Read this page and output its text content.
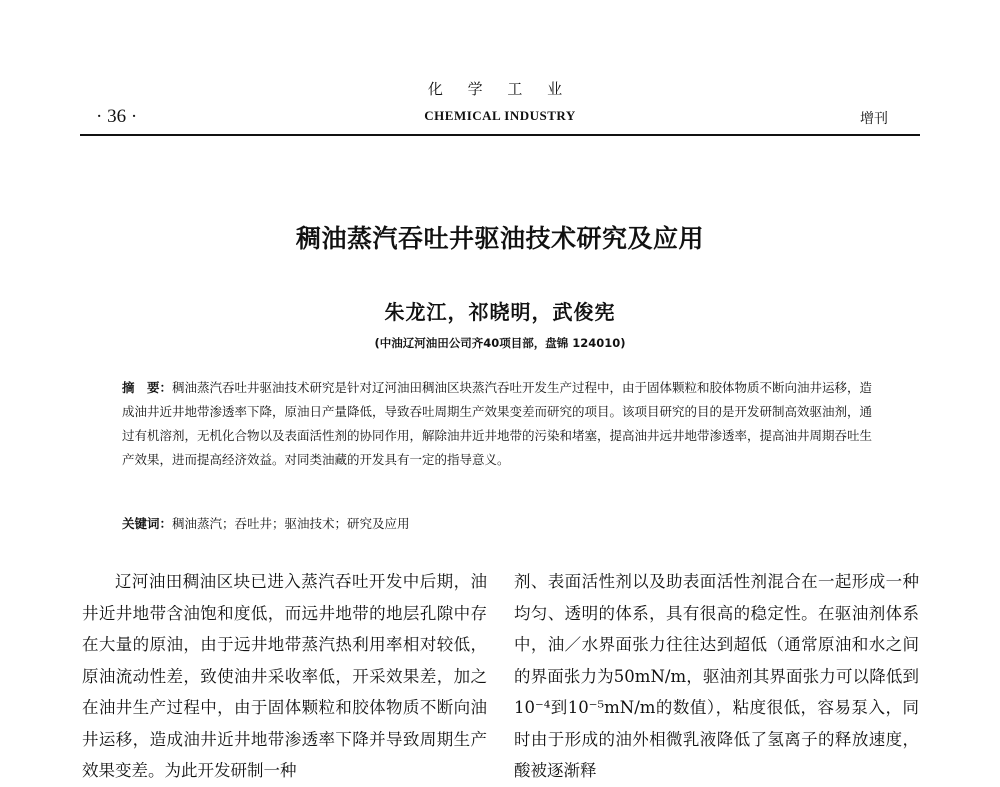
化 学 工 业
· 36 ·	CHEMICAL INDUSTRY	增刊
稠油蒸汽吞吐井驱油技术研究及应用
朱龙江，祁晓明，武俊宪
(中油辽河油田公司齐40项目部，盘锦 124010)
摘　要：稠油蒸汽吞吐井驱油技术研究是针对辽河油田稠油区块蒸汽吞吐开发生产过程中，由于固体颗粒和胶体物质不断向油井运移，造成油井近井地带渗透率下降，原油日产量降低，导致吞吐周期生产效果变差而研究的项目。该项目研究的目的是开发研制高效驱油剂，通过有机溶剂，无机化合物以及表面活性剂的协同作用，解除油井近井地带的污染和堵塞，提高油井远井地带渗透率，提高油井周期吞吐生产效果，进而提高经济效益。对同类油藏的开发具有一定的指导意义。
关键词：稠油蒸汽；吞吐井；驱油技术；研究及应用

辽河油田稠油区块已进入蒸汽吞吐开发中后期，油井近井地带含油饱和度低，而远井地带的地层孔隙中存在大量的原油，由于远井地带蒸汽热利用率相对较低，原油流动性差，致使油井采收率低，开采效果差，加之在油井生产过程中，由于固体颗粒和胶体物质不断向油井运移，造成油井近井地带渗透率下降并导致周期生产效果变差。为此开发研制一种

剂、表面活性剂以及助表面活性剂混合在一起形成一种均匀、透明的体系，具有很高的稳定性。在驱油剂体系中，油／水界面张力往往达到超低（通常原油和水之间的界面张力为50mN/m，驱油剂其界面张力可以降低到10⁻⁴到10⁻⁵mN/m的数值），粘度很低，容易泵入，同时由于形成的油外相微乳液降低了氢离子的释放速度，酸被逐渐释
